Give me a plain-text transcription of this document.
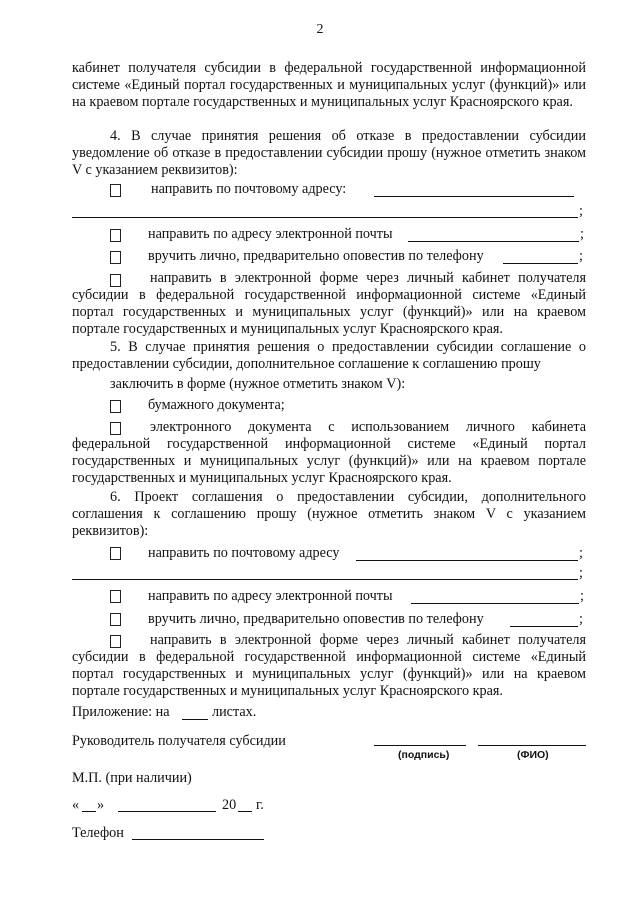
2
кабинет получателя субсидии в федеральной государственной информационной системе «Единый портал государственных и муниципальных услуг (функций)» или на краевом портале государственных и муниципальных услуг Красноярского края.
4. В случае принятия решения об отказе в предоставлении субсидии уведомление об отказе в предоставлении субсидии прошу (нужное отметить знаком V с указанием реквизитов):
направить по почтовому адресу:
;
направить по адресу электронной почты	;
вручить лично, предварительно оповестив по телефону	;
направить в электронной форме через личный кабинет получателя субсидии в федеральной государственной информационной системе «Единый портал государственных и муниципальных услуг (функций)» или на краевом портале государственных и муниципальных услуг Красноярского края.
5. В случае принятия решения о предоставлении субсидии соглашение о предоставлении субсидии, дополнительное соглашение к соглашению прошу
заключить в форме (нужное отметить знаком V):
бумажного документа;
электронного документа с использованием личного кабинета федеральной государственной информационной системе «Единый портал государственных и муниципальных услуг (функций)» или на краевом портале государственных и муниципальных услуг Красноярского края.
6. Проект соглашения о предоставлении субсидии, дополнительного соглашения к соглашению прошу (нужное отметить знаком V с указанием реквизитов):
направить по почтовому адресу	;
;
направить по адресу электронной почты	;
вручить лично, предварительно оповестив по телефону	;
направить в электронной форме через личный кабинет получателя субсидии в федеральной государственной информационной системе «Единый портал государственных и муниципальных услуг (функций)» или на краевом портале государственных и муниципальных услуг Красноярского края.
Приложение: на	листах.
Руководитель получателя субсидии
(подпись)	(ФИО)
М.П. (при наличии)
« »	20 г.
Телефон
